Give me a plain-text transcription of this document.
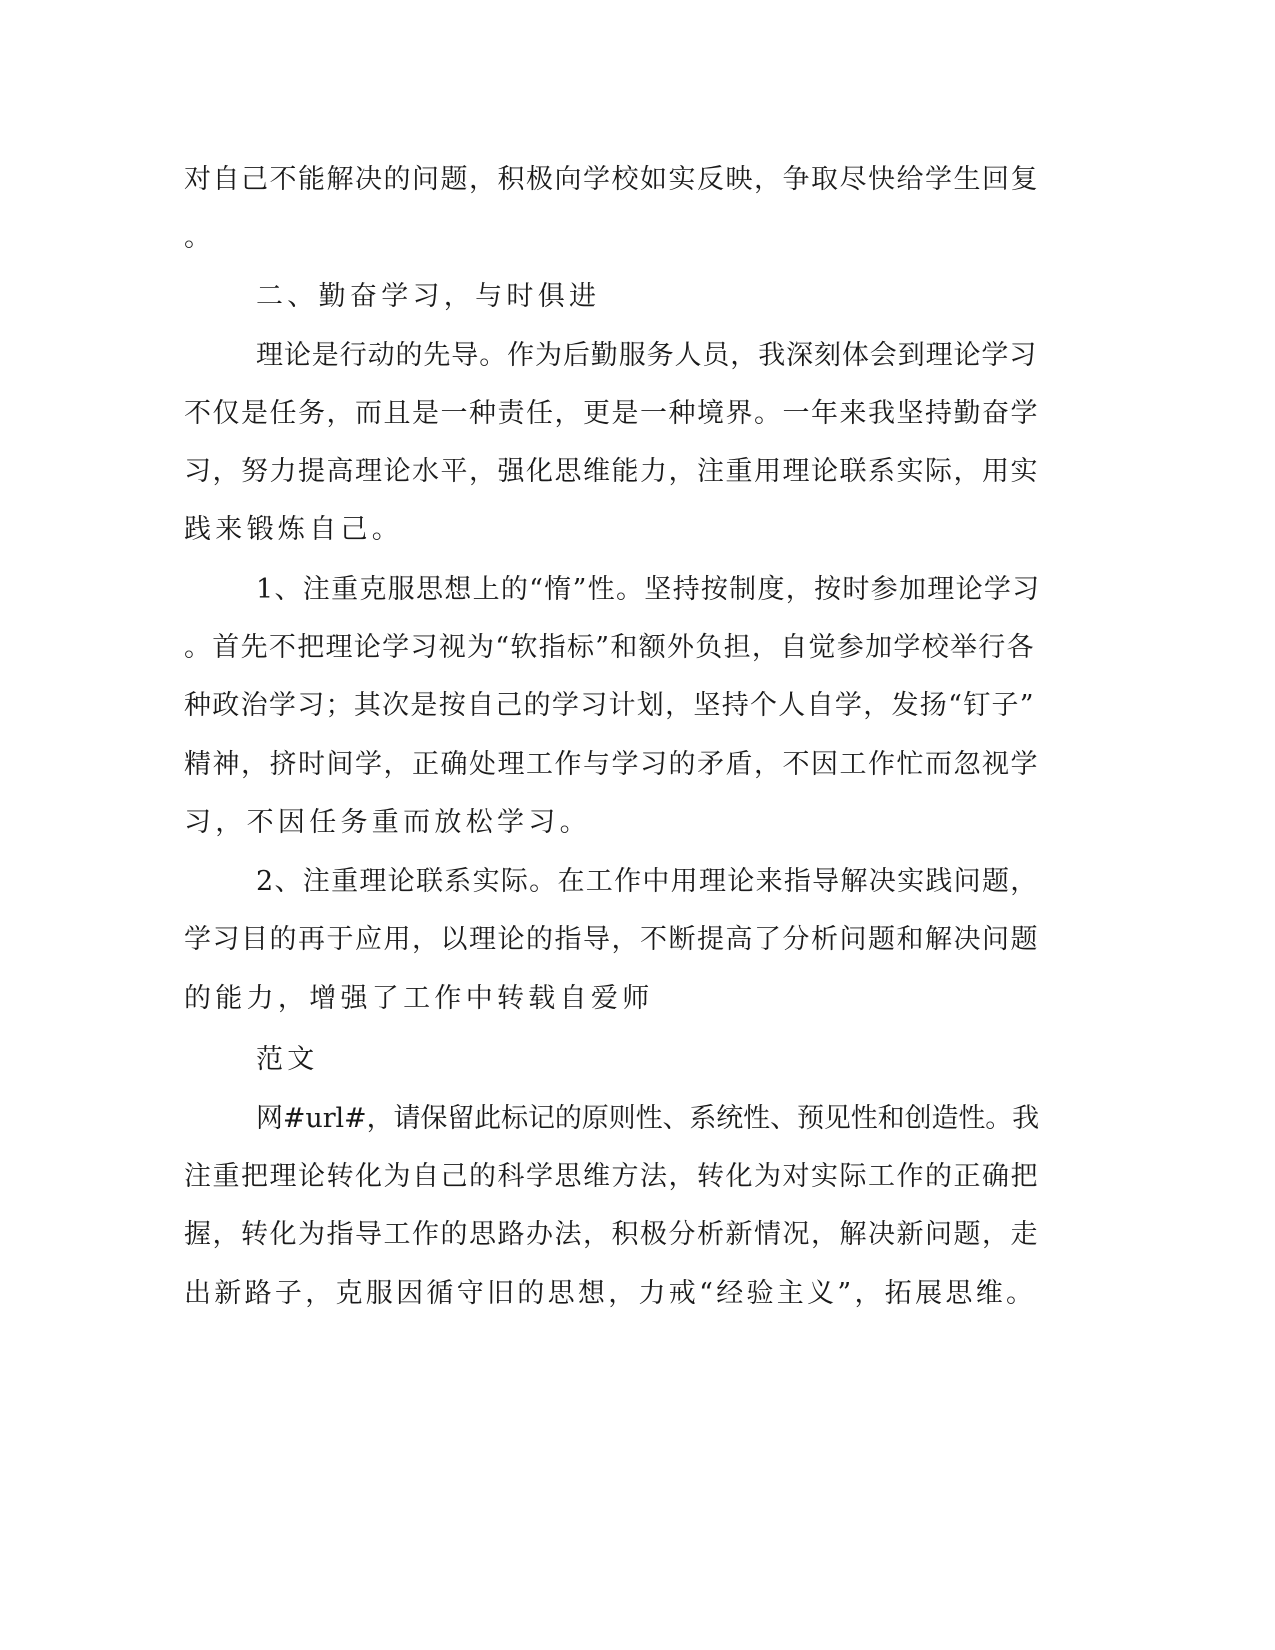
对自己不能解决的问题，积极向学校如实反映，争取尽快给学生回复
。
二、勤奋学习，与时俱进
理论是行动的先导。作为后勤服务人员，我深刻体会到理论学习
不仅是任务，而且是一种责任，更是一种境界。一年来我坚持勤奋学
习，努力提高理论水平，强化思维能力，注重用理论联系实际，用实
践来锻炼自己。
1、注重克服思想上的“惰”性。坚持按制度，按时参加理论学习
。首先不把理论学习视为“软指标”和额外负担，自觉参加学校举行各
种政治学习；其次是按自己的学习计划，坚持个人自学，发扬“钉子”
精神，挤时间学，正确处理工作与学习的矛盾，不因工作忙而忽视学
习，不因任务重而放松学习。
2、注重理论联系实际。在工作中用理论来指导解决实践问题，
学习目的再于应用，以理论的指导，不断提高了分析问题和解决问题
的能力，增强了工作中转载自爱师
范文
网#url#，请保留此标记的原则性、系统性、预见性和创造性。我
注重把理论转化为自己的科学思维方法，转化为对实际工作的正确把
握，转化为指导工作的思路办法，积极分析新情况，解决新问题，走
出新路子，克服因循守旧的思想，力戒“经验主义”，拓展思维。
